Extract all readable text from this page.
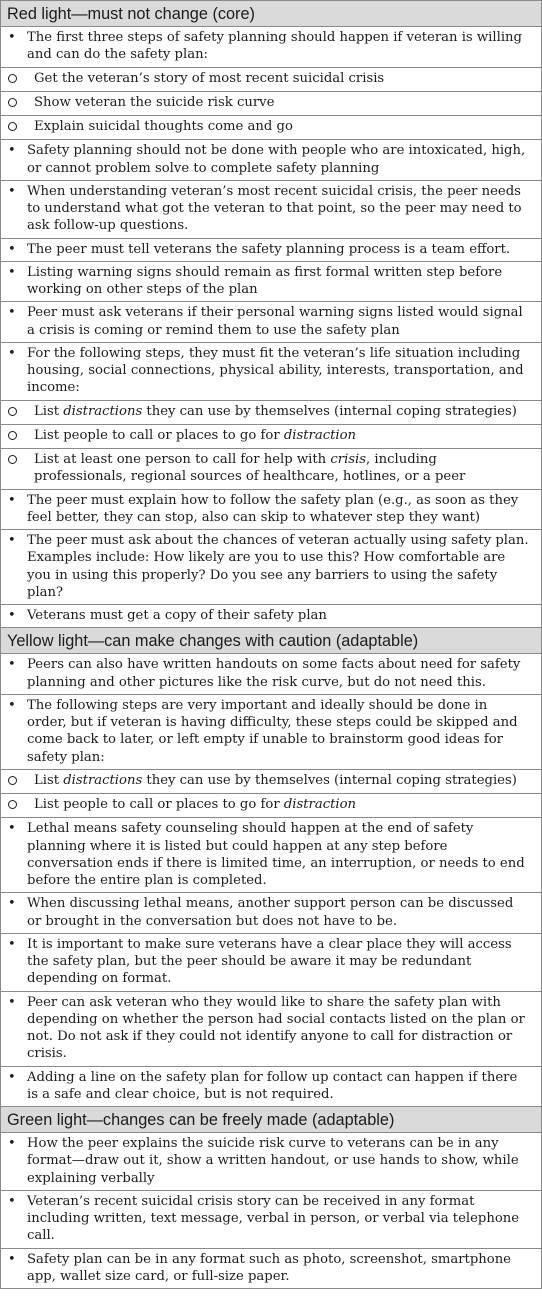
Red light—must not change (core)
• The first three steps of safety planning should happen if veteran is willing and can do the safety plan:
Get the veteran’s story of most recent suicidal crisis
Show veteran the suicide risk curve
Explain suicidal thoughts come and go
• Safety planning should not be done with people who are intoxicated, high, or cannot problem solve to complete safety planning
• When understanding veteran’s most recent suicidal crisis, the peer needs to understand what got the veteran to that point, so the peer may need to ask follow-up questions.
• The peer must tell veterans the safety planning process is a team effort.
• Listing warning signs should remain as first formal written step before working on other steps of the plan
• Peer must ask veterans if their personal warning signs listed would signal a crisis is coming or remind them to use the safety plan
• For the following steps, they must fit the veteran’s life situation including housing, social connections, physical ability, interests, transportation, and income:
List distractions they can use by themselves (internal coping strategies)
List people to call or places to go for distraction
List at least one person to call for help with crisis, including professionals, regional sources of healthcare, hotlines, or a peer
• The peer must explain how to follow the safety plan (e.g., as soon as they feel better, they can stop, also can skip to whatever step they want)
• The peer must ask about the chances of veteran actually using safety plan. Examples include: How likely are you to use this? How comfortable are you in using this properly? Do you see any barriers to using the safety plan?
• Veterans must get a copy of their safety plan
Yellow light—can make changes with caution (adaptable)
• Peers can also have written handouts on some facts about need for safety planning and other pictures like the risk curve, but do not need this.
• The following steps are very important and ideally should be done in order, but if veteran is having difficulty, these steps could be skipped and come back to later, or left empty if unable to brainstorm good ideas for safety plan:
List distractions they can use by themselves (internal coping strategies)
List people to call or places to go for distraction
• Lethal means safety counseling should happen at the end of safety planning where it is listed but could happen at any step before conversation ends if there is limited time, an interruption, or needs to end before the entire plan is completed.
• When discussing lethal means, another support person can be discussed or brought in the conversation but does not have to be.
• It is important to make sure veterans have a clear place they will access the safety plan, but the peer should be aware it may be redundant depending on format.
• Peer can ask veteran who they would like to share the safety plan with depending on whether the person had social contacts listed on the plan or not. Do not ask if they could not identify anyone to call for distraction or crisis.
• Adding a line on the safety plan for follow up contact can happen if there is a safe and clear choice, but is not required.
Green light—changes can be freely made (adaptable)
• How the peer explains the suicide risk curve to veterans can be in any format—draw out it, show a written handout, or use hands to show, while explaining verbally
• Veteran’s recent suicidal crisis story can be received in any format including written, text message, verbal in person, or verbal via telephone call.
• Safety plan can be in any format such as photo, screenshot, smartphone app, wallet size card, or full-size paper.
